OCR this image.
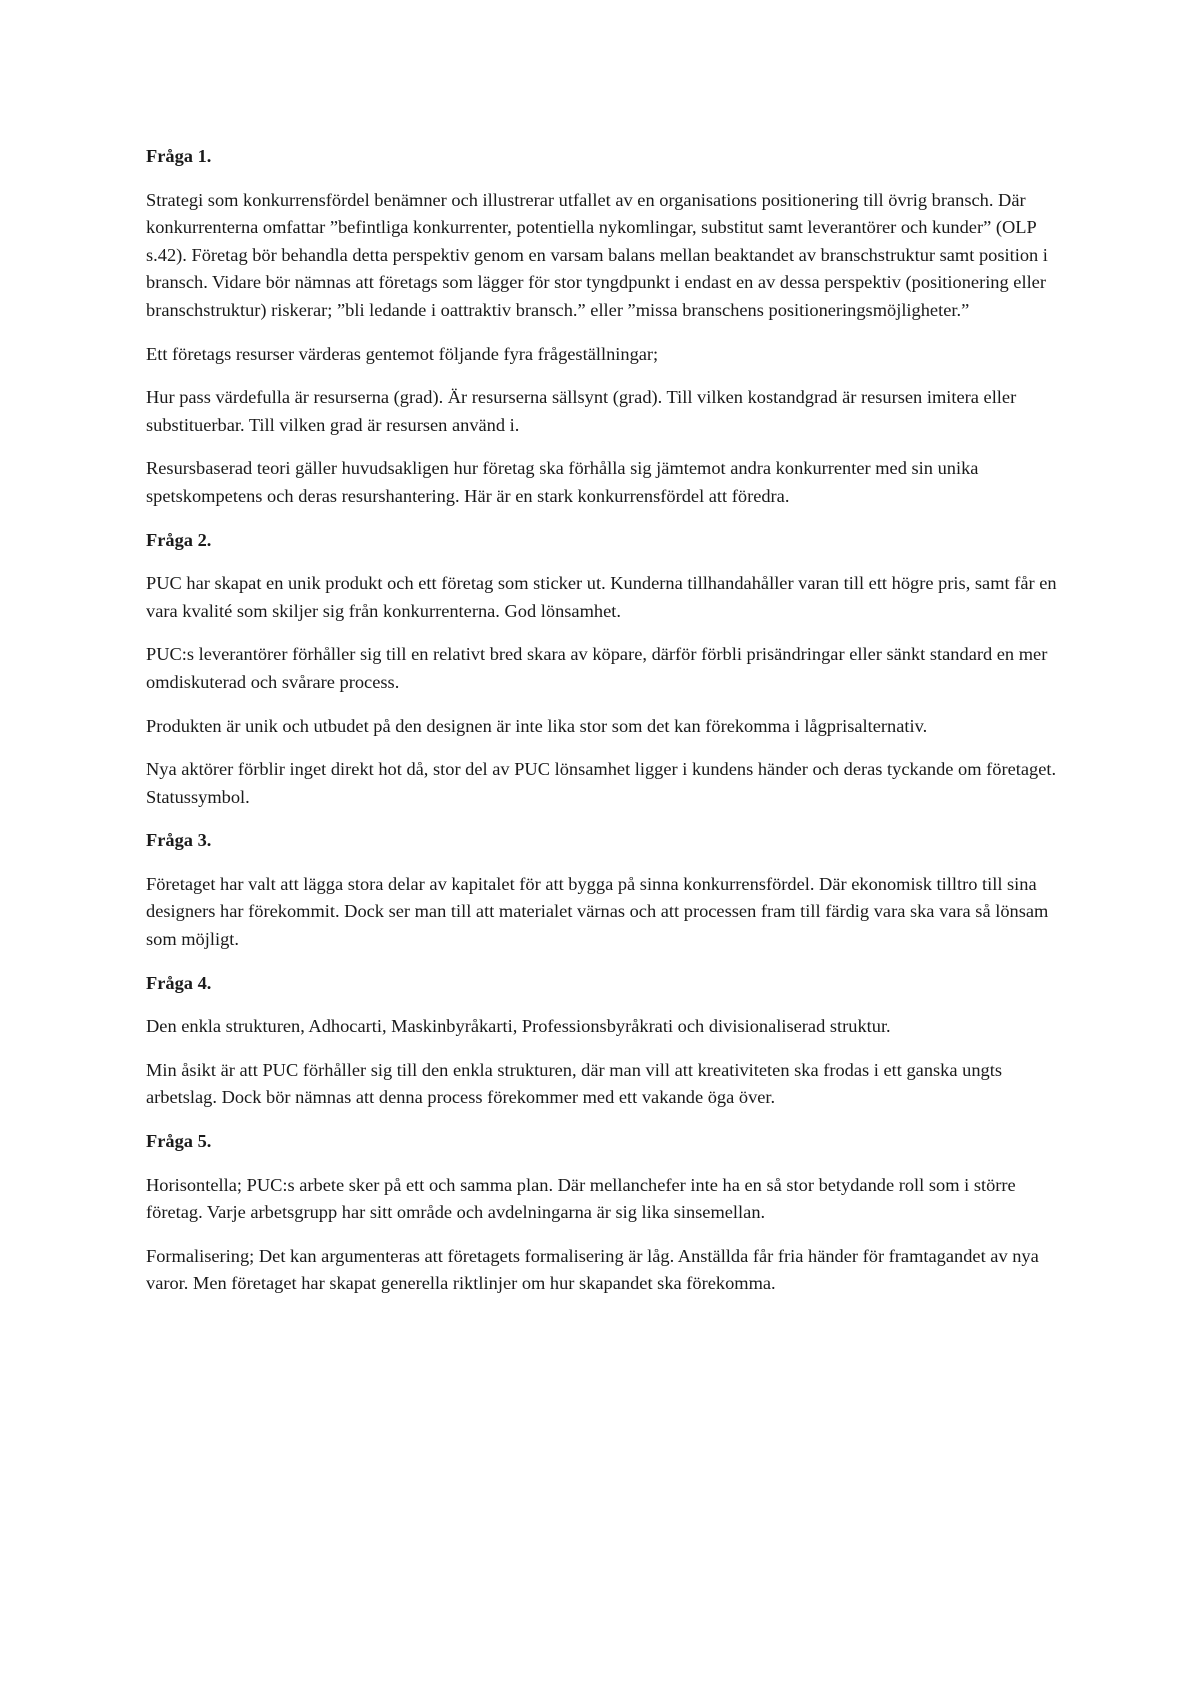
Fråga 1.

Strategi som konkurrensfördel benämner och illustrerar utfallet av en organisations positionering till övrig bransch. Där konkurrenterna omfattar ”befintliga konkurrenter, potentiella nykomlingar, substitut samt leverantörer och kunder” (OLP s.42). Företag bör behandla detta perspektiv genom en varsam balans mellan beaktandet av branschstruktur samt position i bransch. Vidare bör nämnas att företags som lägger för stor tyngdpunkt i endast en av dessa perspektiv (positionering eller branschstruktur) riskerar; ”bli ledande i oattraktiv bransch.” eller ”missa branschens positioneringsmöjligheter.”

Ett företags resurser värderas gentemot följande fyra frågeställningar;

Hur pass värdefulla är resurserna (grad). Är resurserna sällsynt (grad). Till vilken kostandgrad är resursen imitera eller substituerbar. Till vilken grad är resursen använd i.

Resursbaserad teori gäller huvudsakligen hur företag ska förhålla sig jämtemot andra konkurrenter med sin unika spetskompetens och deras resurshantering. Här är en stark konkurrensfördel att föredra.

Fråga 2.

PUC har skapat en unik produkt och ett företag som sticker ut. Kunderna tillhandahåller varan till ett högre pris, samt får en vara kvalité som skiljer sig från konkurrenterna. God lönsamhet.

PUC:s leverantörer förhåller sig till en relativt bred skara av köpare, därför förbli prisändringar eller sänkt standard en mer omdiskuterad och svårare process.

Produkten är unik och utbudet på den designen är inte lika stor som det kan förekomma i lågprisalternativ.

Nya aktörer förblir inget direkt hot då, stor del av PUC lönsamhet ligger i kundens händer och deras tyckande om företaget. Statussymbol.

Fråga 3.

Företaget har valt att lägga stora delar av kapitalet för att bygga på sinna konkurrensfördel. Där ekonomisk tilltro till sina designers har förekommit. Dock ser man till att materialet värnas och att processen fram till färdig vara ska vara så lönsam som möjligt.

Fråga 4.

Den enkla strukturen, Adhocarti, Maskinbyråkarti, Professionsbyråkrati och divisionaliserad struktur.

Min åsikt är att PUC förhåller sig till den enkla strukturen, där man vill att kreativiteten ska frodas i ett ganska ungts arbetslag. Dock bör nämnas att denna process förekommer med ett vakande öga över.

Fråga 5.

Horisontella; PUC:s arbete sker på ett och samma plan. Där mellanchefer inte ha en så stor betydande roll som i större företag. Varje arbetsgrupp har sitt område och avdelningarna är sig lika sinsemellan.

Formalisering; Det kan argumenteras att företagets formalisering är låg. Anställda får fria händer för framtagandet av nya varor. Men företaget har skapat generella riktlinjer om hur skapandet ska förekomma.
